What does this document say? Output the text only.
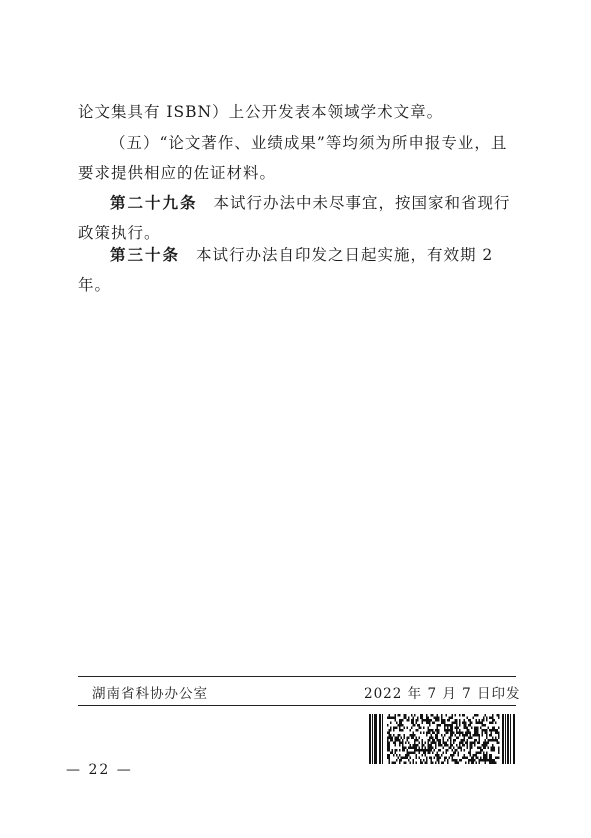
论文集具有 ISBN）上公开发表本领域学术文章。

（五）“论文著作、业绩成果”等均须为所申报专业，且要求提供相应的佐证材料。

第二十九条 本试行办法中未尽事宜，按国家和省现行政策执行。

第三十条 本试行办法自印发之日起实施，有效期 2 年。

湖南省科协办公室	2022 年 7 月 7 日印发
— 22 —
